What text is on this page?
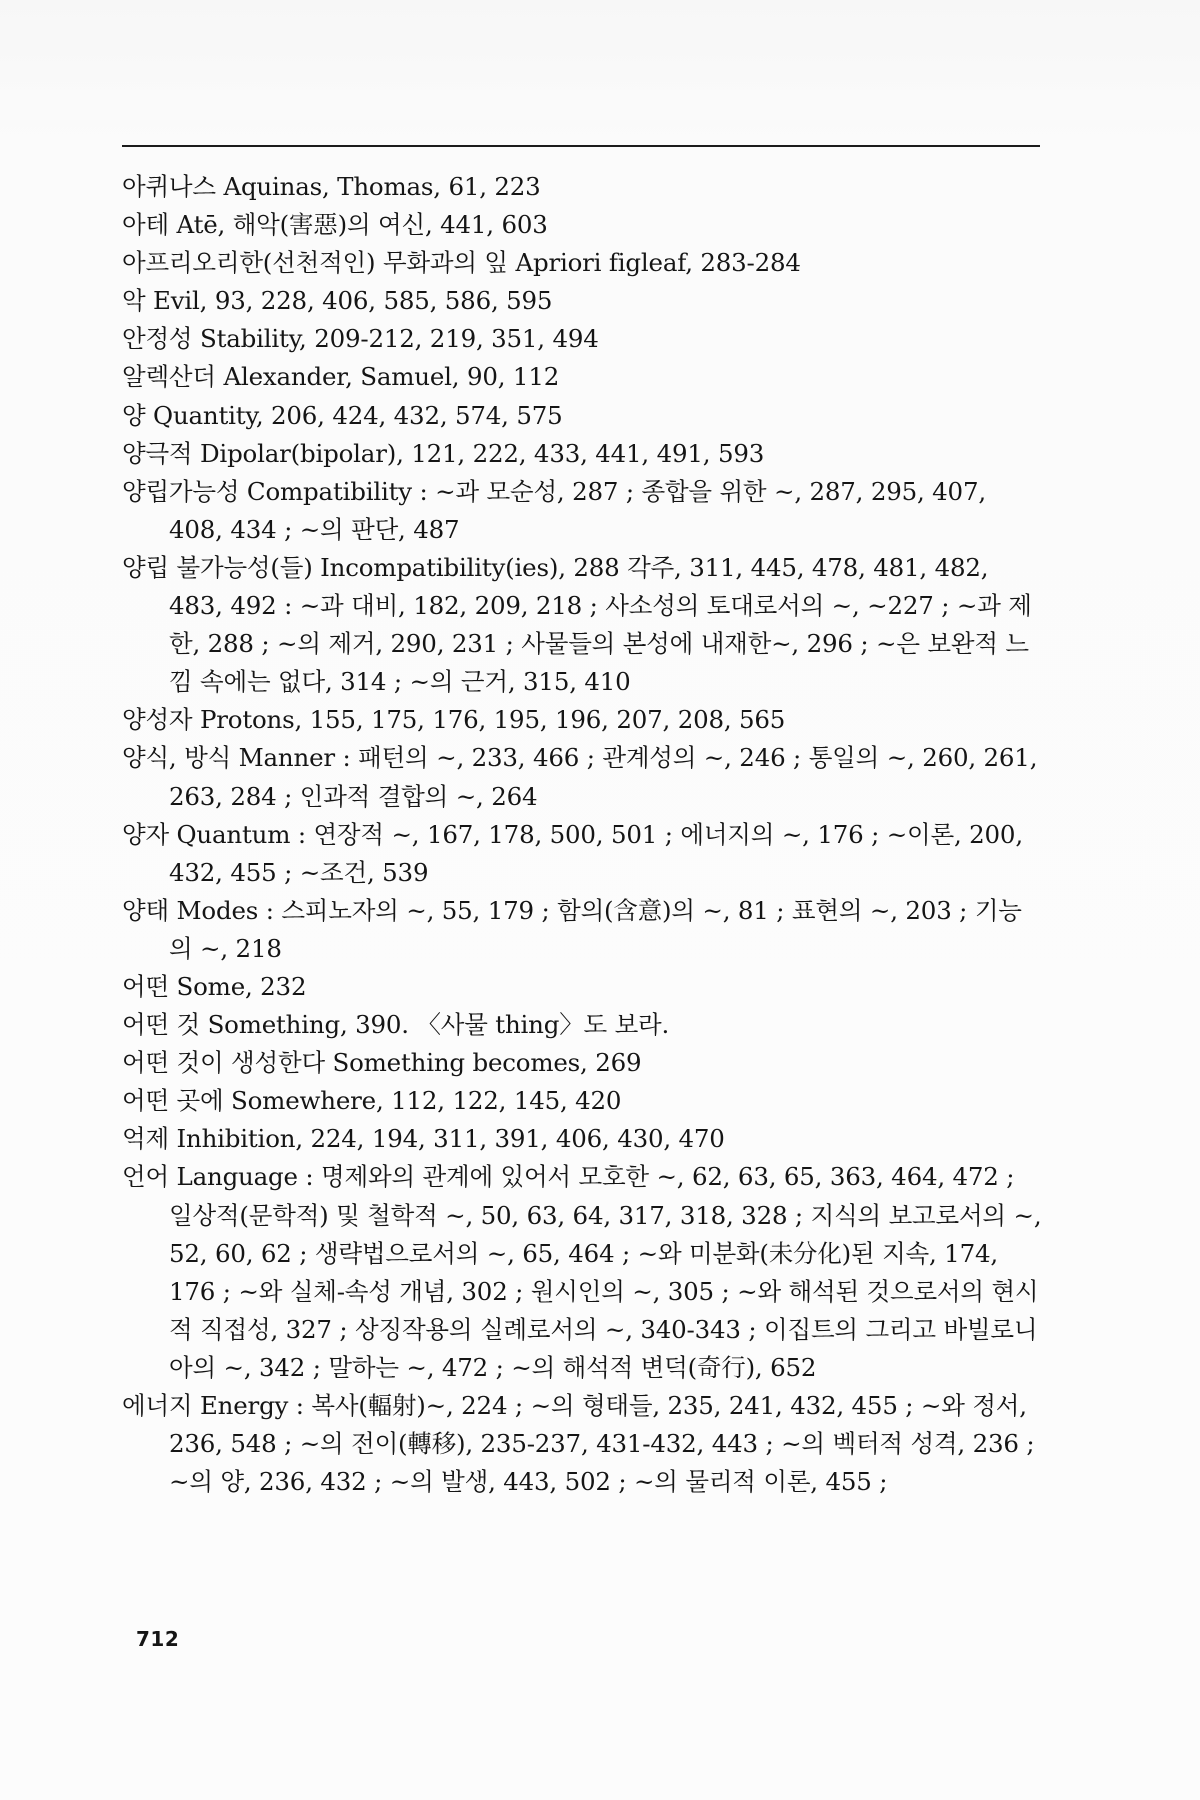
아퀴나스 Aquinas, Thomas, 61, 223

아테 Atē, 해악(害惡)의 여신, 441, 603

아프리오리한(선천적인) 무화과의 잎 Apriori figleaf, 283-284

악 Evil, 93, 228, 406, 585, 586, 595

안정성 Stability, 209-212, 219, 351, 494

알렉산더 Alexander, Samuel, 90, 112

양 Quantity, 206, 424, 432, 574, 575

양극적 Dipolar(bipolar), 121, 222, 433, 441, 491, 593

양립가능성 Compatibility : ~과 모순성, 287 ; 종합을 위한 ~, 287, 295, 407, 408, 434 ; ~의 판단, 487

양립 불가능성(들) Incompatibility(ies), 288 각주, 311, 445, 478, 481, 482, 483, 492 : ~과 대비, 182, 209, 218 ; 사소성의 토대로서의 ~, ~227 ; ~과 제한, 288 ; ~의 제거, 290, 231 ; 사물들의 본성에 내재한~, 296 ; ~은 보완적 느낌 속에는 없다, 314 ; ~의 근거, 315, 410

양성자 Protons, 155, 175, 176, 195, 196, 207, 208, 565

양식, 방식 Manner : 패턴의 ~, 233, 466 ; 관계성의 ~, 246 ; 통일의 ~, 260, 261, 263, 284 ; 인과적 결합의 ~, 264

양자 Quantum : 연장적 ~, 167, 178, 500, 501 ; 에너지의 ~, 176 ; ~이론, 200, 432, 455 ; ~조건, 539

양태 Modes : 스피노자의 ~, 55, 179 ; 함의(含意)의 ~, 81 ; 표현의 ~, 203 ; 기능의 ~, 218

어떤 Some, 232

어떤 것 Something, 390. 〈사물 thing〉도 보라.

어떤 것이 생성한다 Something becomes, 269

어떤 곳에 Somewhere, 112, 122, 145, 420

억제 Inhibition, 224, 194, 311, 391, 406, 430, 470

언어 Language : 명제와의 관계에 있어서 모호한 ~, 62, 63, 65, 363, 464, 472 ; 일상적(문학적) 및 철학적 ~, 50, 63, 64, 317, 318, 328 ; 지식의 보고로서의 ~, 52, 60, 62 ; 생략법으로서의 ~, 65, 464 ; ~와 미분화(未分化)된 지속, 174, 176 ; ~와 실체-속성 개념, 302 ; 원시인의 ~, 305 ; ~와 해석된 것으로서의 현시적 직접성, 327 ; 상징작용의 실례로서의 ~, 340-343 ; 이집트의 그리고 바빌로니아의 ~, 342 ; 말하는 ~, 472 ; ~의 해석적 변덕(奇行), 652

에너지 Energy : 복사(輻射)~, 224 ; ~의 형태들, 235, 241, 432, 455 ; ~와 정서, 236, 548 ; ~의 전이(轉移), 235-237, 431-432, 443 ; ~의 벡터적 성격, 236 ; ~의 양, 236, 432 ; ~의 발생, 443, 502 ; ~의 물리적 이론, 455 ;

712
